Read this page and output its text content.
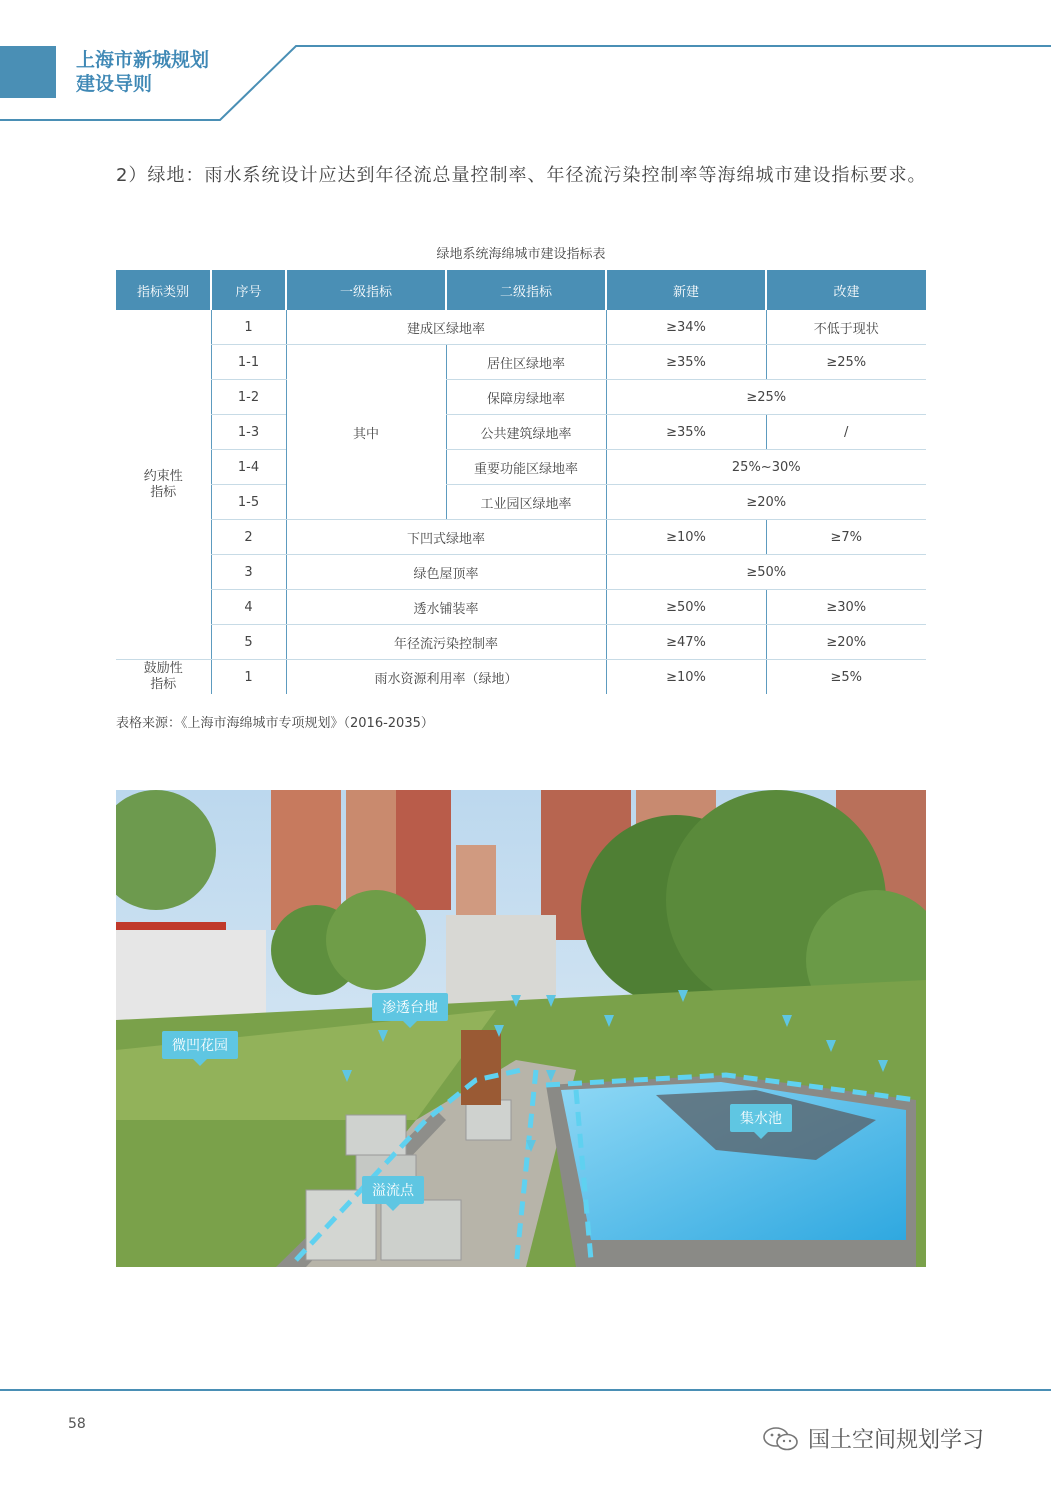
上海市新城规划
建设导则
2）绿地：雨水系统设计应达到年径流总量控制率、年径流污染控制率等海绵城市建设指标要求。
绿地系统海绵城市建设指标表
指标类别	序号	一级指标	二级指标	新建	改建
约束性指标	1	建成区绿地率		≥34%	不低于现状
	1-1	其中	居住区绿地率	≥35%	≥25%
	1-2		保障房绿地率	≥25%	
	1-3		公共建筑绿地率	≥35%	/
	1-4		重要功能区绿地率	25%~30%	
	1-5		工业园区绿地率	≥20%	
	2	下凹式绿地率		≥10%	≥7%
	3	绿色屋顶率		≥50%	
	4	透水铺装率		≥50%	≥30%
	5	年径流污染控制率		≥47%	≥20%
鼓励性指标	1	雨水资源利用率（绿地）		≥10%	≥5%
表格来源：《上海市海绵城市专项规划》（2016-2035）
渗透台地
微凹花园
溢流点
集水池
58
国土空间规划学习
